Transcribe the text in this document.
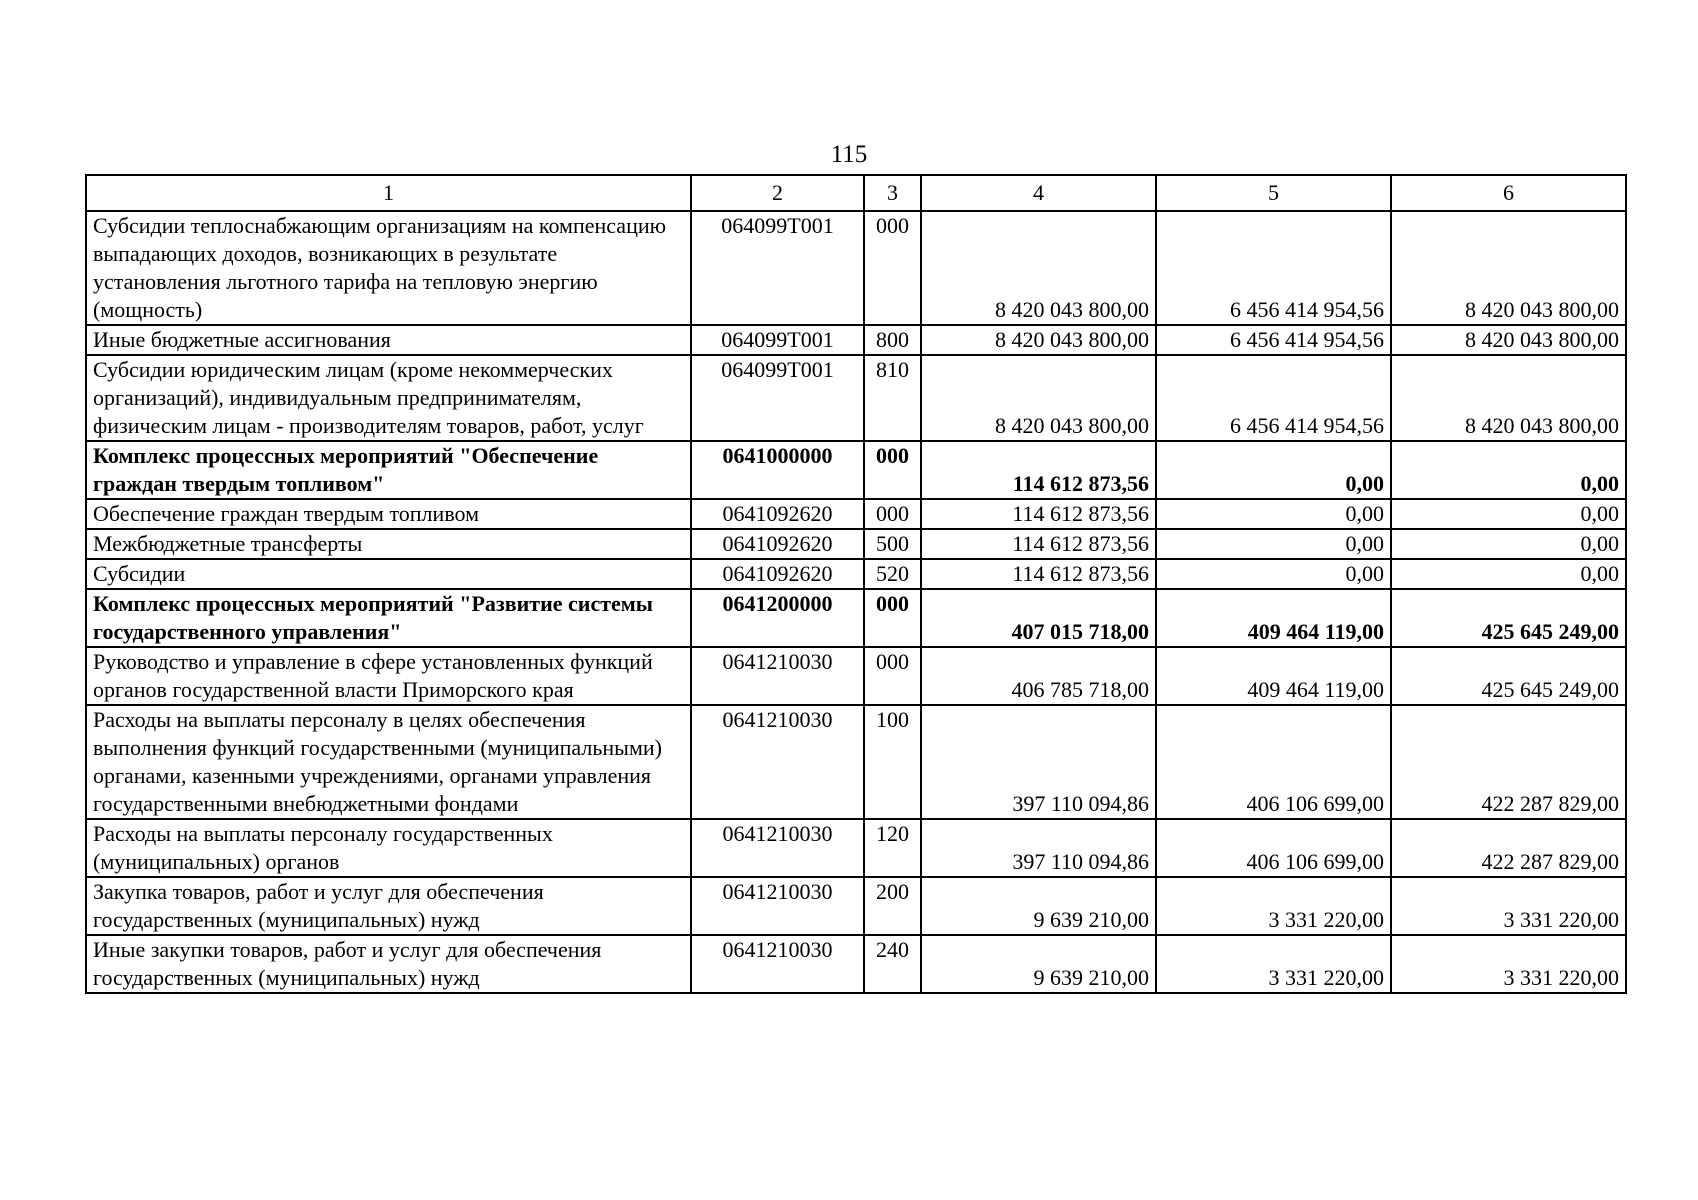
115
1	2	3	4	5	6
Субсидии теплоснабжающим организациям на компенсацию выпадающих доходов, возникающих в результате установления льготного тарифа на тепловую энергию (мощность)	064099Т001	000	8 420 043 800,00	6 456 414 954,56	8 420 043 800,00
Иные бюджетные ассигнования	064099Т001	800	8 420 043 800,00	6 456 414 954,56	8 420 043 800,00
Субсидии юридическим лицам (кроме некоммерческих организаций), индивидуальным предпринимателям, физическим лицам - производителям товаров, работ, услуг	064099Т001	810	8 420 043 800,00	6 456 414 954,56	8 420 043 800,00
Комплекс процессных мероприятий "Обеспечение граждан твердым топливом"	0641000000	000	114 612 873,56	0,00	0,00
Обеспечение граждан твердым топливом	0641092620	000	114 612 873,56	0,00	0,00
Межбюджетные трансферты	0641092620	500	114 612 873,56	0,00	0,00
Субсидии	0641092620	520	114 612 873,56	0,00	0,00
Комплекс процессных мероприятий "Развитие системы государственного управления"	0641200000	000	407 015 718,00	409 464 119,00	425 645 249,00
Руководство и управление в сфере установленных функций органов государственной власти Приморского края	0641210030	000	406 785 718,00	409 464 119,00	425 645 249,00
Расходы на выплаты персоналу в целях обеспечения выполнения функций государственными (муниципальными) органами, казенными учреждениями, органами управления государственными внебюджетными фондами	0641210030	100	397 110 094,86	406 106 699,00	422 287 829,00
Расходы на выплаты персоналу государственных (муниципальных) органов	0641210030	120	397 110 094,86	406 106 699,00	422 287 829,00
Закупка товаров, работ и услуг для обеспечения государственных (муниципальных) нужд	0641210030	200	9 639 210,00	3 331 220,00	3 331 220,00
Иные закупки товаров, работ и услуг для обеспечения государственных (муниципальных) нужд	0641210030	240	9 639 210,00	3 331 220,00	3 331 220,00
